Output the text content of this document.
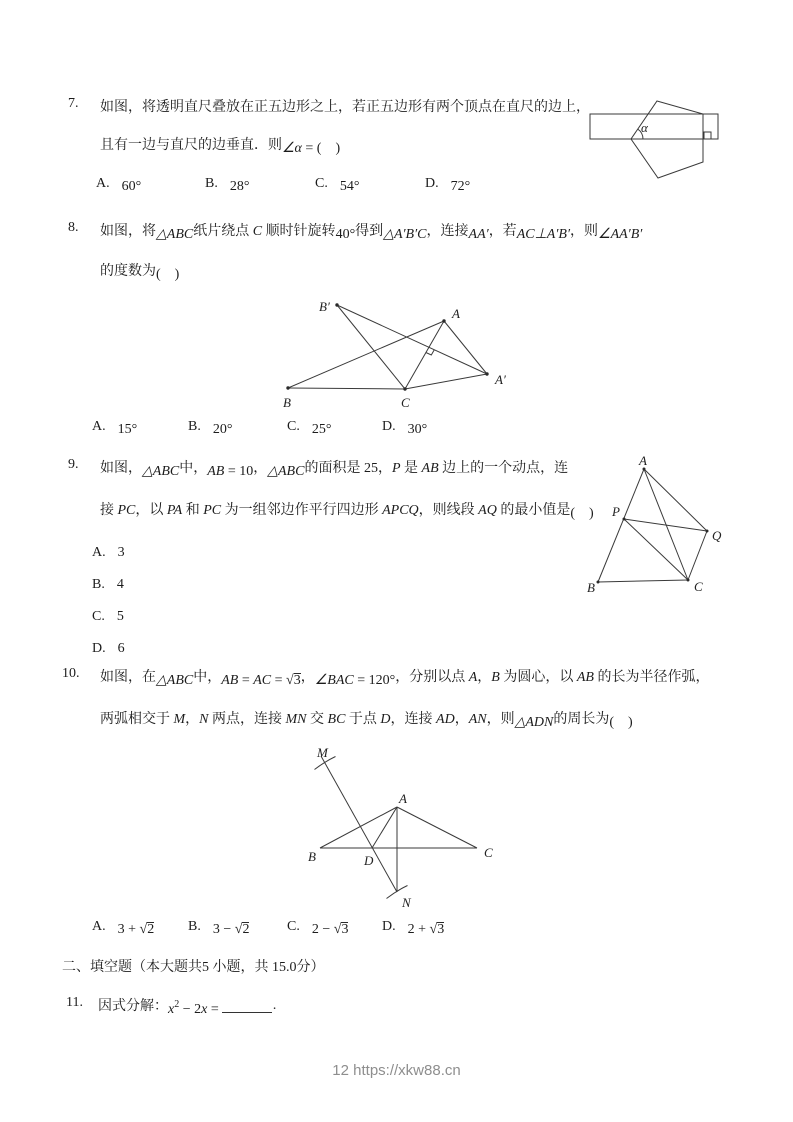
7. 如图，将透明直尺叠放在正五边形之上，若正五边形有两个顶点在直尺的边上，
且有一边与直尺的边垂直．则∠α = (　)
A. 60°	B. 28°	C. 54°	D. 72°
α
8. 如图，将△ABC纸片绕点 C 顺时针旋转40°得到△A′B′C，连接AA′，若AC⊥A′B′，则∠AA′B′
的度数为(　)
B′	A
A′
B	C
A. 15°	B. 20°	C. 25°	D. 30°
9. 如图，△ABC中，AB = 10，△ABC的面积是 25，P 是 AB 边上的一个动点，连
接 PC，以 PA 和 PC 为一组邻边作平行四边形 APCQ，则线段 AQ 的最小值是(　)
A. 3
B. 4
C. 5
D. 6
A
P
Q
B	C
10. 如图，在△ABC中，AB = AC = √3，∠BAC = 120°，分别以点 A，B 为圆心，以 AB 的长为半径作弧，
两弧相交于 M，N 两点，连接 MN 交 BC 于点 D，连接 AD，AN，则△ADN的周长为(　)
M
A
B	D
C
N
A. 3 + √2 B. 3 − √2	C. 2 − √3 D. 2 + √3
二、填空题（本大题共5 小题，共 15.0分）
11. 因式分解：$x^2 - 2x$ =	·
12 https://xkw88.cn
